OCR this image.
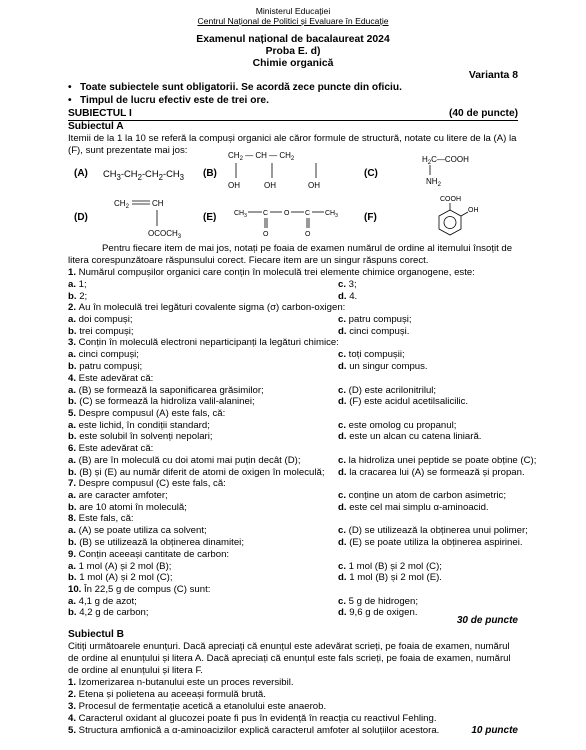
Ministerul Educației
Centrul Național de Politici și Evaluare în Educație
Examenul național de bacalaureat 2024
Proba E. d)
Chimie organică
Varianta 8
• Toate subiectele sunt obligatorii. Se acordă zece puncte din oficiu.
• Timpul de lucru efectiv este de trei ore.
SUBIECTUL I	(40 de puncte)
Subiectul A
Itemii de la 1 la 10 se referă la compuși organici ale căror formule de structură, notate cu litere de la (A) la (F), sunt prezentate mai jos:
(A) $CH_3-CH_2-CH_2-CH_3$ (B)
$CH_2$ — CH — $CH_2$
OH	OH	OH
(C)
$H_2C—COOH$
$NH_2$
(D)
$CH_2$	CH
$OCOCH_3$
(E)	$CH_3$ C O C $CH_3$
O	O
(F)
COOH
OH
Pentru fiecare item de mai jos, notați pe foaia de examen numărul de ordine al itemului însoțit de litera corespunzătoare răspunsului corect. Fiecare item are un singur răspuns corect.
1. Numărul compușilor organici care conțin în moleculă trei elemente chimice organogene, este:
a. 1;	c. 3;
b. 2;	d. 4.
2. Au în moleculă trei legături covalente sigma (σ) carbon-oxigen:
a. doi compuși;	c. patru compuși;
b. trei compuși;	d. cinci compuși.
3. Conțin în moleculă electroni neparticipanți la legături chimice:
a. cinci compuși;	c. toți compușii;
b. patru compuși;	d. un singur compus.
4. Este adevărat că:
a. (B) se formează la saponificarea grăsimilor;	c. (D) este acrilonitrilul;
b. (C) se formează la hidroliza valil-alaninei;	d. (F) este acidul acetilsalicilic.
5. Despre compusul (A) este fals, că:
a. este lichid, în condiții standard;	c. este omolog cu propanul;
b. este solubil în solvenți nepolari;	d. este un alcan cu catena liniară.
6. Este adevărat că:
a. (B) are în moleculă cu doi atomi mai puțin decât (D);	c. la hidroliza unei peptide se poate obține (C);
b. (B) și (E) au număr diferit de atomi de oxigen în moleculă; d. la cracarea lui (A) se formează și propan.
7. Despre compusul (C) este fals, că:
a. are caracter amfoter;	c. conține un atom de carbon asimetric;
b. are 10 atomi în moleculă;	d. este cel mai simplu α-aminoacid.
8. Este fals, că:
a. (A) se poate utiliza ca solvent;	c. (D) se utilizează la obținerea unui polimer;
b. (B) se utilizează la obținerea dinamitei;	d. (E) se poate utiliza la obținerea aspirinei.
9. Conțin aceeași cantitate de carbon:
a. 1 mol (A) și 2 mol (B);	c. 1 mol (B) și 2 mol (C);
b. 1 mol (A) și 2 mol (C);	d. 1 mol (B) și 2 mol (E).
10. În 22,5 g de compus (C) sunt:
a. 4,1 g de azot;	c. 5 g de hidrogen;
b. 4,2 g de carbon;	d. 9,6 g de oxigen.
30 de puncte
Subiectul B
Citiți următoarele enunțuri. Dacă apreciați că enunțul este adevărat scrieți, pe foaia de examen, numărul de ordine al enunțului și litera A. Dacă apreciați că enunțul este fals scrieți, pe foaia de examen, numărul de ordine al enunțului și litera F.
1. Izomerizarea n-butanului este un proces reversibil.
2. Etena și polietena au aceeași formulă brută.
3. Procesul de fermentație acetică a etanolului este anaerob.
4. Caracterul oxidant al glucozei poate fi pus în evidență în reacția cu reactivul Fehling.
5. Structura amfionică a α-aminoacizilor explică caracterul amfoter al soluțiilor acestora.	10 puncte
